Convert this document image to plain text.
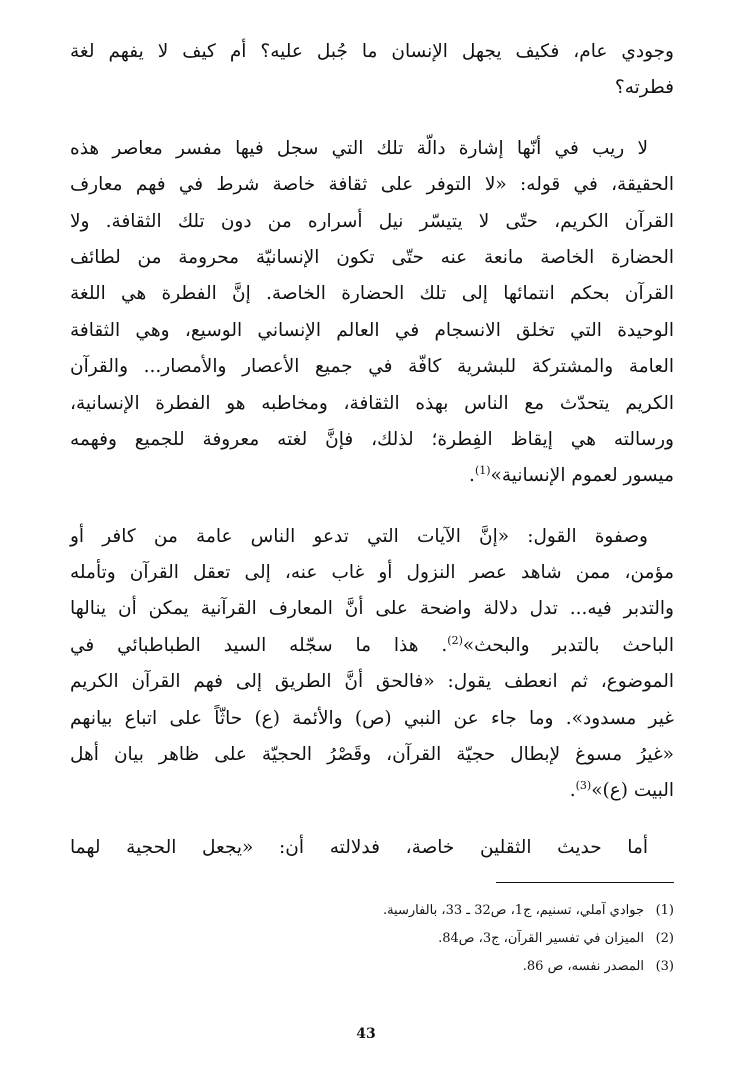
وجودي عام، فكيف يجهل الإنسان ما جُبل عليه؟ أم كيف لا يفهم لغة
فطرته؟
لا ريب في أنّها إشارة دالّة تلك التي سجل فيها مفسر معاصر هذه
الحقيقة، في قوله: «لا التوفر على ثقافة خاصة شرط في فهم معارف
القرآن الكريم، حتّى لا يتيسّر نيل أسراره من دون تلك الثقافة. ولا
الحضارة الخاصة مانعة عنه حتّى تكون الإنسانيّة محرومة من لطائف
القرآن بحكم انتمائها إلى تلك الحضارة الخاصة. إنَّ الفطرة هي اللغة
الوحيدة التي تخلق الانسجام في العالم الإنساني الوسيع، وهي الثقافة
العامة والمشتركة للبشرية كافّة في جميع الأعصار والأمصار... والقرآن
الكريم يتحدّث مع الناس بهذه الثقافة، ومخاطبه هو الفطرة الإنسانية،
ورسالته هي إيقاظ الفِطرة؛ لذلك، فإنَّ لغته معروفة للجميع وفهمه
ميسور لعموم الإنسانية»$^{(1)}$.
وصفوة القول: «إنَّ الآيات التي تدعو الناس عامة من كافر أو
مؤمن، ممن شاهد عصر النزول أو غاب عنه، إلى تعقل القرآن وتأمله
والتدبر فيه... تدل دلالة واضحة على أنَّ المعارف القرآنية يمكن أن ينالها
الباحث بالتدبر والبحث»$^{(2)}$. هذا ما سجّله السيد الطباطبائي في
الموضوع، ثم انعطف يقول: «فالحق أنَّ الطريق إلى فهم القرآن الكريم
غير مسدود». وما جاء عن النبي (ص) والأئمة (ع) حاثّاً على اتباع بيانهم
«غيرُ مسوغ لإبطال حجيّة القرآن، وقَصْرُ الحجيّة على ظاهر بيان أهل
البيت (ع)»$^{(3)}$.
أما حديث الثقلين خاصة، فدلالته أن: «يجعل الحجية لهما
(1)جوادي آملي، تسنيم، ج1، ص32 ـ 33، بالفارسية.
(2)الميزان في تفسير القرآن، ج3، ص84.
(3)المصدر نفسه، ص 86.
43
